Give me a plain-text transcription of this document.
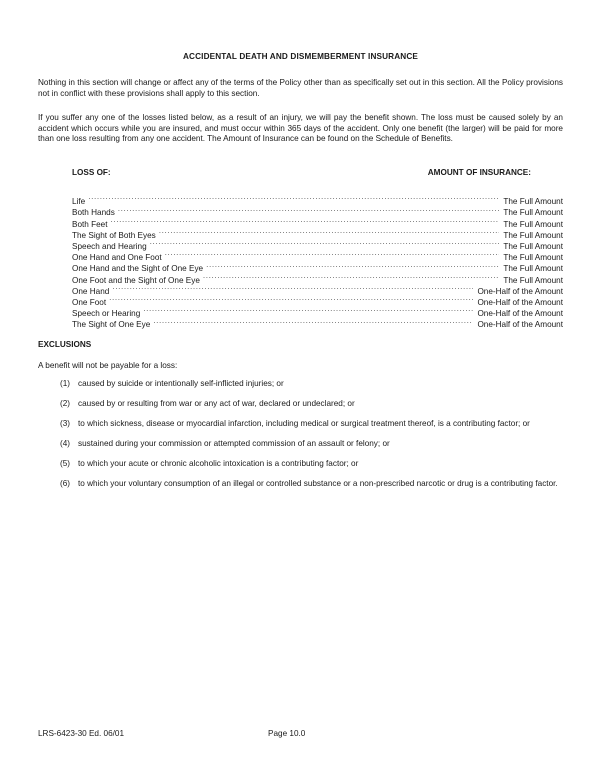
ACCIDENTAL DEATH AND DISMEMBERMENT INSURANCE
Nothing in this section will change or affect any of the terms of the Policy other than as specifically set out in this section. All the Policy provisions not in conflict with these provisions shall apply to this section.
If you suffer any one of the losses listed below, as a result of an injury, we will pay the benefit shown. The loss must be caused solely by an accident which occurs while you are insured, and must occur within 365 days of the accident. Only one benefit (the larger) will be paid for more than one loss resulting from any one accident. The Amount of Insurance can be found on the Schedule of Benefits.
LOSS OF:	AMOUNT OF INSURANCE:
Life .....	The Full Amount
Both Hands .....	The Full Amount
Both Feet .....	The Full Amount
The Sight of Both Eyes .....	The Full Amount
Speech and Hearing .....	The Full Amount
One Hand and One Foot .....	The Full Amount
One Hand and the Sight of One Eye .....	The Full Amount
One Foot and the Sight of One Eye .....	The Full Amount
One Hand .....	One-Half of the Amount
One Foot .....	One-Half of the Amount
Speech or Hearing .....	One-Half of the Amount
The Sight of One Eye .....	One-Half of the Amount
EXCLUSIONS
A benefit will not be payable for a loss:
(1) caused by suicide or intentionally self-inflicted injuries; or
(2) caused by or resulting from war or any act of war, declared or undeclared; or
(3) to which sickness, disease or myocardial infarction, including medical or surgical treatment thereof, is a contributing factor; or
(4) sustained during your commission or attempted commission of an assault or felony; or
(5) to which your acute or chronic alcoholic intoxication is a contributing factor; or
(6) to which your voluntary consumption of an illegal or controlled substance or a non-prescribed narcotic or drug is a contributing factor.
LRS-6423-30 Ed. 06/01	Page 10.0
